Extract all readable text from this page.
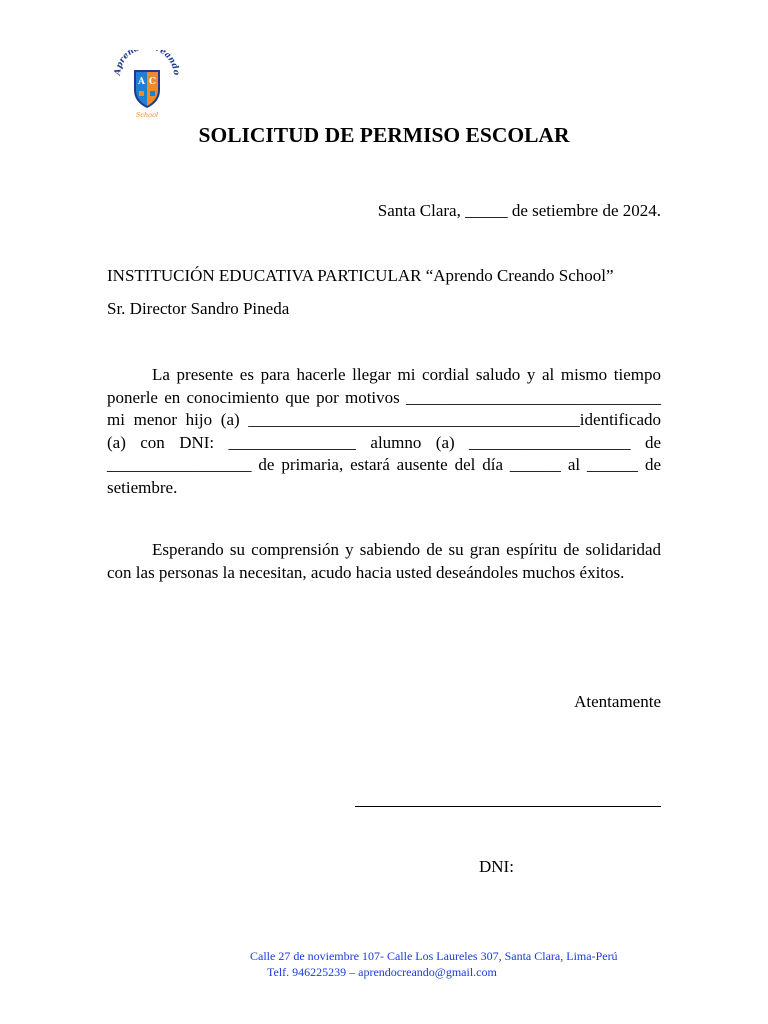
Apren eand
A C
School
SOLICITUD DE PERMISO ESCOLAR
Santa Clara, _____ de setiembre de 2024.
INSTITUCIÓN EDUCATIVA PARTICULAR “Aprendo Creando School”
Sr. Director Sandro Pineda
La presente es para hacerle llegar mi cordial saludo y al mismo tiempo
ponerle en conocimiento que por motivos ______________________________
mi menor hijo (a) _______________________________________identificado
(a) con DNI: _______________ alumno (a) ___________________ de
_________________ de primaria, estará ausente del día ______ al ______ de
setiembre.
Esperando su comprensión y sabiendo de su gran espíritu de solidaridad
con las personas la necesitan, acudo hacia usted deseándoles muchos éxitos.
Atentamente
DNI:
Calle 27 de noviembre 107- Calle Los Laureles 307, Santa Clara, Lima-Perú
Telf. 946225239 – aprendocreando@gmail.com
